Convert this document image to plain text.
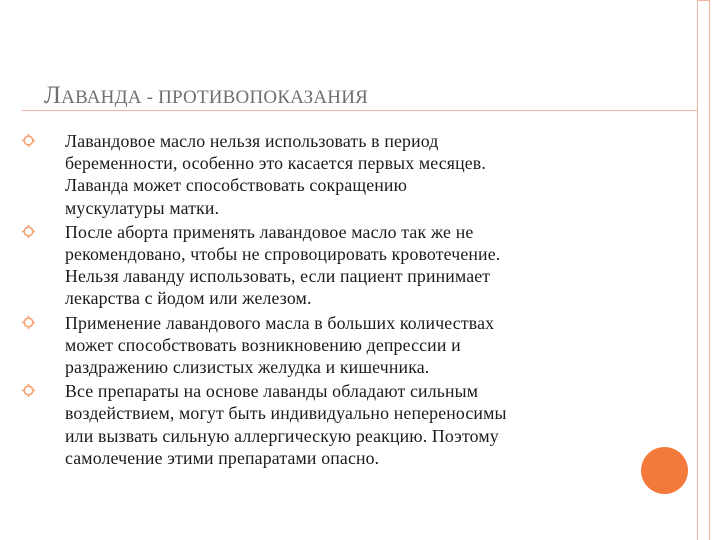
ЛАВАНДА - ПРОТИВОПОКАЗАНИЯ
Лавандовое масло нельзя использовать в период
беременности, особенно это касается первых месяцев.
Лаванда может способствовать сокращению
мускулатуры матки.
После аборта применять лавандовое масло так же не
рекомендовано, чтобы не спровоцировать кровотечение.
Нельзя лаванду использовать, если пациент принимает
лекарства с йодом или железом.
Применение лавандового масла в больших количествах
может способствовать возникновению депрессии и
раздражению слизистых желудка и кишечника.
Все препараты на основе лаванды обладают сильным
воздействием, могут быть индивидуально непереносимы
или вызвать сильную аллергическую реакцию. Поэтому
самолечение этими препаратами опасно.
